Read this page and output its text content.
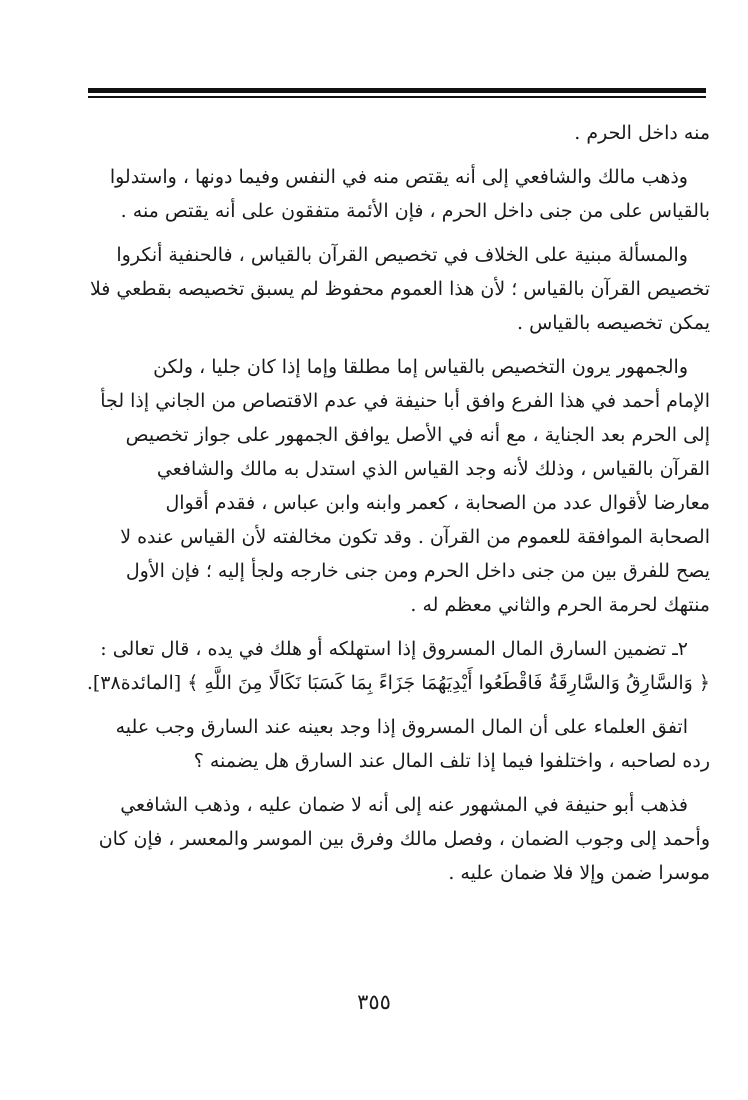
منه داخل الحرم .

وذهب مالك والشافعي إلى أنه يقتص منه في النفس وفيما دونها ، واستدلوا
بالقياس على من جنى داخل الحرم ، فإن الأئمة متفقون على أنه يقتص منه .

والمسألة مبنية على الخلاف في تخصيص القرآن بالقياس ، فالحنفية أنكروا
تخصيص القرآن بالقياس ؛ لأن هذا العموم محفوظ لم يسبق تخصيصه بقطعي فلا
يمكن تخصيصه بالقياس .

والجمهور يرون التخصيص بالقياس إما مطلقا وإما إذا كان جليا ، ولكن
الإمام أحمد في هذا الفرع وافق أبا حنيفة في عدم الاقتصاص من الجاني إذا لجأ
إلى الحرم بعد الجناية ، مع أنه في الأصل يوافق الجمهور على جواز تخصيص
القرآن بالقياس ، وذلك لأنه وجد القياس الذي استدل به مالك والشافعي
معارضا لأقوال عدد من الصحابة ، كعمر وابنه وابن عباس ، فقدم أقوال
الصحابة الموافقة للعموم من القرآن . وقد تكون مخالفته لأن القياس عنده لا
يصح للفرق بين من جنى داخل الحرم ومن جنى خارجه ولجأ إليه ؛ فإن الأول
منتهك لحرمة الحرم والثاني معظم له .

٢ـ تضمين السارق المال المسروق إذا استهلكه أو هلك في يده ، قال تعالى :

﴿ وَالسَّارِقُ وَالسَّارِقَةُ فَاقْطَعُوا أَيْدِيَهُمَا جَزَاءً بِمَا كَسَبَا نَكَالًا مِنَ اللَّهِ ﴾ [المائدة٣٨].

اتفق العلماء على أن المال المسروق إذا وجد بعينه عند السارق وجب عليه
رده لصاحبه ، واختلفوا فيما إذا تلف المال عند السارق هل يضمنه ؟

فذهب أبو حنيفة في المشهور عنه إلى أنه لا ضمان عليه ، وذهب الشافعي
وأحمد إلى وجوب الضمان ، وفصل مالك وفرق بين الموسر والمعسر ، فإن كان
موسرا ضمن وإلا فلا ضمان عليه .

٣٥٥
